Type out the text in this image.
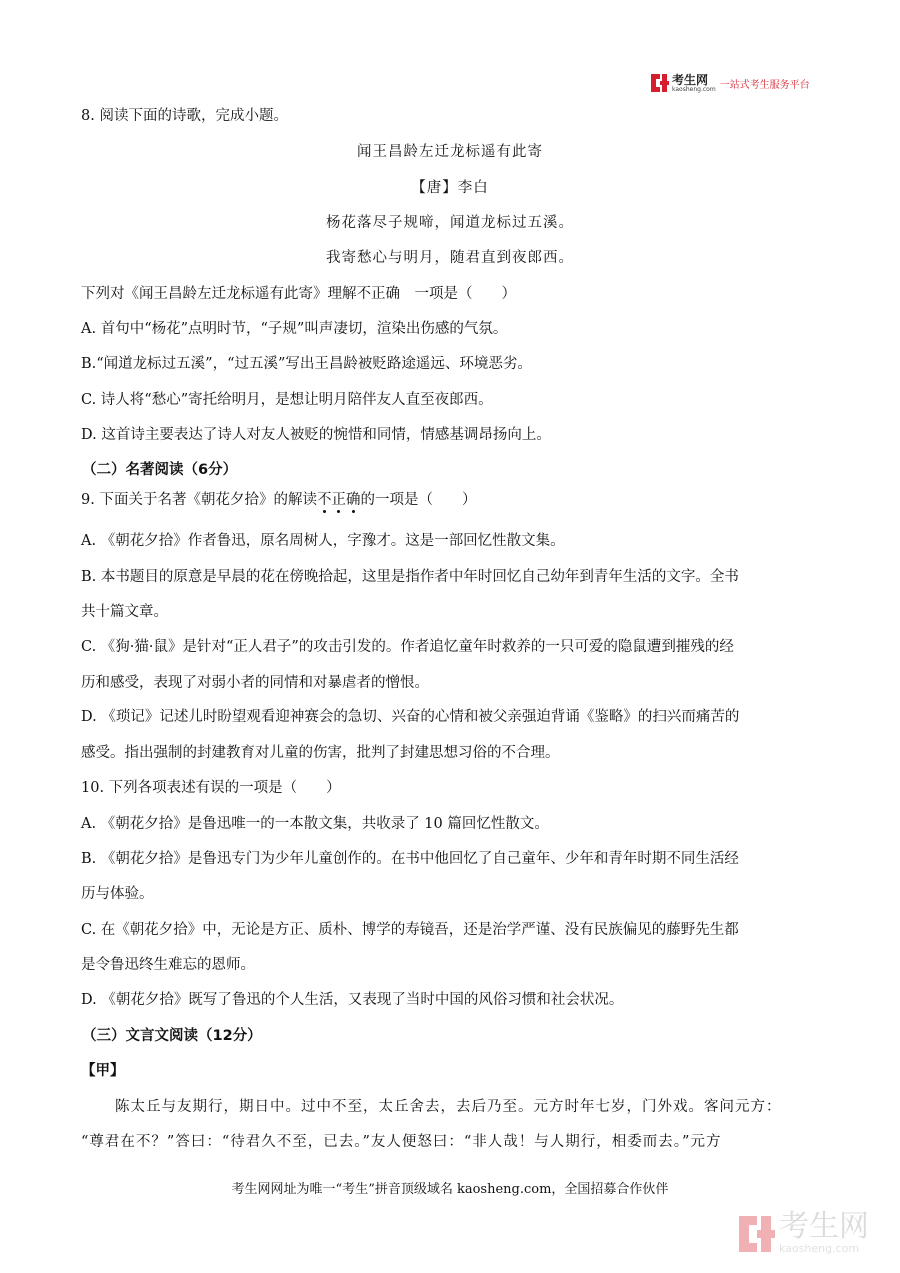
考生网
kaosheng.com 一站式考生服务平台
8. 阅读下面的诗歌，完成小题。
闻王昌龄左迁龙标遥有此寄
【唐】李白
杨花落尽子规啼，闻道龙标过五溪。
我寄愁心与明月，随君直到夜郎西。
下列对《闻王昌龄左迁龙标遥有此寄》理解不正确　一项是（　　）
A. 首句中“杨花”点明时节，“子规”叫声凄切，渲染出伤感的气氛。
B.“闻道龙标过五溪”，“过五溪”写出王昌龄被贬路途遥远、环境恶劣。
C. 诗人将“愁心”寄托给明月，是想让明月陪伴友人直至夜郎西。
D. 这首诗主要表达了诗人对友人被贬的惋惜和同情，情感基调昂扬向上。
（二）名著阅读（6分）
9. 下面关于名著《朝花夕拾》的解读不正确的一项是（　　）
A. 《朝花夕拾》作者鲁迅，原名周树人，字豫才。这是一部回忆性散文集。
B. 本书题目的原意是早晨的花在傍晚拾起，这里是指作者中年时回忆自己幼年到青年生活的文字。全书
共十篇文章。
C. 《狗·猫·鼠》是针对“正人君子”的攻击引发的。作者追忆童年时救养的一只可爱的隐鼠遭到摧残的经
历和感受，表现了对弱小者的同情和对暴虐者的憎恨。
D. 《琐记》记述儿时盼望观看迎神赛会的急切、兴奋的心情和被父亲强迫背诵《鉴略》的扫兴而痛苦的
感受。指出强制的封建教育对儿童的伤害，批判了封建思想习俗的不合理。
10. 下列各项表述有误的一项是（　　）
A. 《朝花夕拾》是鲁迅唯一的一本散文集，共收录了 10 篇回忆性散文。
B. 《朝花夕拾》是鲁迅专门为少年儿童创作的。在书中他回忆了自己童年、少年和青年时期不同生活经
历与体验。
C. 在《朝花夕拾》中，无论是方正、质朴、博学的寿镜吾，还是治学严谨、没有民族偏见的藤野先生都
是令鲁迅终生难忘的恩师。
D. 《朝花夕拾》既写了鲁迅的个人生活，又表现了当时中国的风俗习惯和社会状况。
（三）文言文阅读（12分）
【甲】
陈太丘与友期行，期日中。过中不至，太丘舍去，去后乃至。元方时年七岁，门外戏。客问元方：
“尊君在不？”答曰：“待君久不至，已去。”友人便怒曰：“非人哉！与人期行，相委而去。”元方
考生网网址为唯一“考生”拼音顶级域名 kaosheng.com，全国招募合作伙伴
考生网
kaosheng.com
